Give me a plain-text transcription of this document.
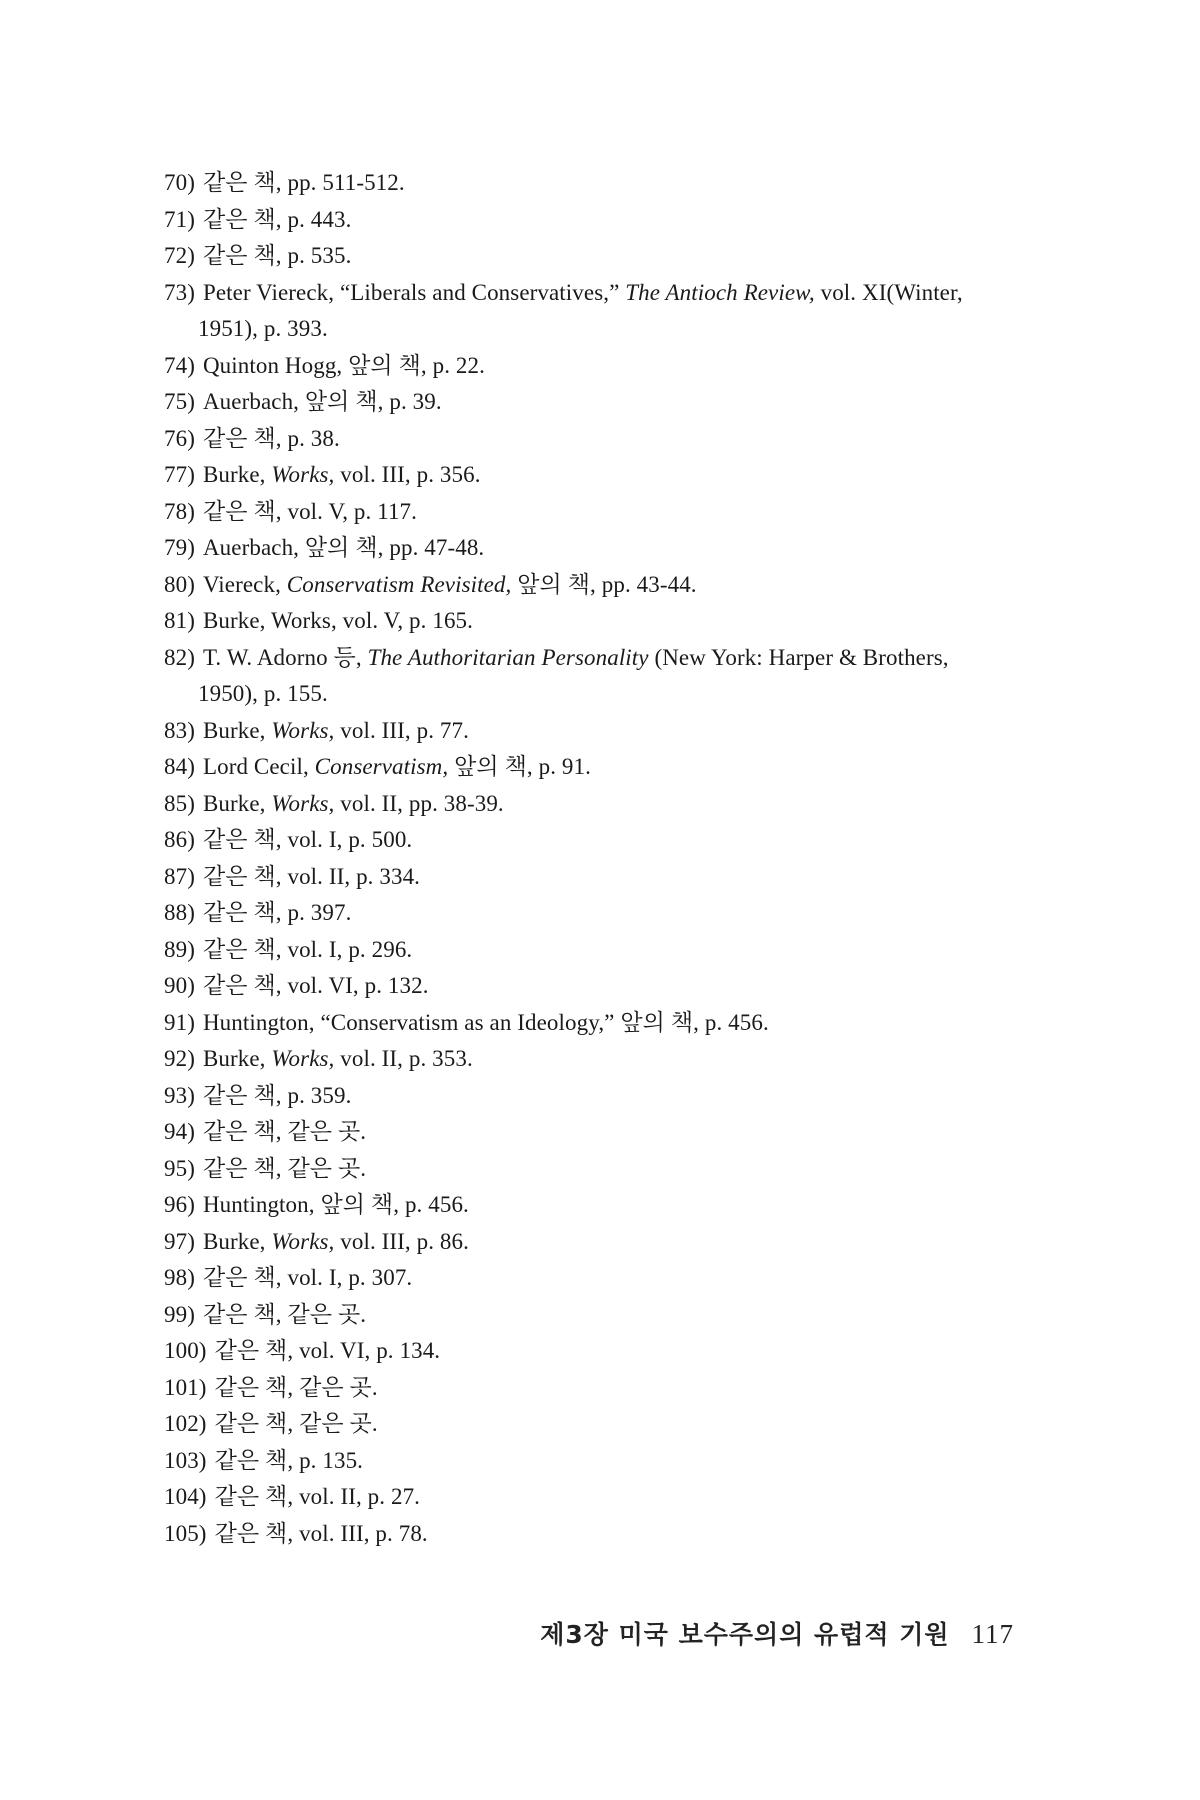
70) 같은 책, pp. 511-512.
71) 같은 책, p. 443.
72) 같은 책, p. 535.
73) Peter Viereck, “Liberals and Conservatives,” The Antioch Review, vol. XI(Winter,
1951), p. 393.
74) Quinton Hogg, 앞의 책, p. 22.
75) Auerbach, 앞의 책, p. 39.
76) 같은 책, p. 38.
77) Burke, Works, vol. III, p. 356.
78) 같은 책, vol. V, p. 117.
79) Auerbach, 앞의 책, pp. 47-48.
80) Viereck, Conservatism Revisited, 앞의 책, pp. 43-44.
81) Burke, Works, vol. V, p. 165.
82) T. W. Adorno 등, The Authoritarian Personality (New York: Harper & Brothers,
1950), p. 155.
83) Burke, Works, vol. III, p. 77.
84) Lord Cecil, Conservatism, 앞의 책, p. 91.
85) Burke, Works, vol. II, pp. 38-39.
86) 같은 책, vol. I, p. 500.
87) 같은 책, vol. II, p. 334.
88) 같은 책, p. 397.
89) 같은 책, vol. I, p. 296.
90) 같은 책, vol. VI, p. 132.
91) Huntington, “Conservatism as an Ideology,” 앞의 책, p. 456.
92) Burke, Works, vol. II, p. 353.
93) 같은 책, p. 359.
94) 같은 책, 같은 곳.
95) 같은 책, 같은 곳.
96) Huntington, 앞의 책, p. 456.
97) Burke, Works, vol. III, p. 86.
98) 같은 책, vol. I, p. 307.
99) 같은 책, 같은 곳.
100) 같은 책, vol. VI, p. 134.
101) 같은 책, 같은 곳.
102) 같은 책, 같은 곳.
103) 같은 책, p. 135.
104) 같은 책, vol. II, p. 27.
105) 같은 책, vol. III, p. 78.
제3장 미국 보수주의의 유럽적 기원 117
